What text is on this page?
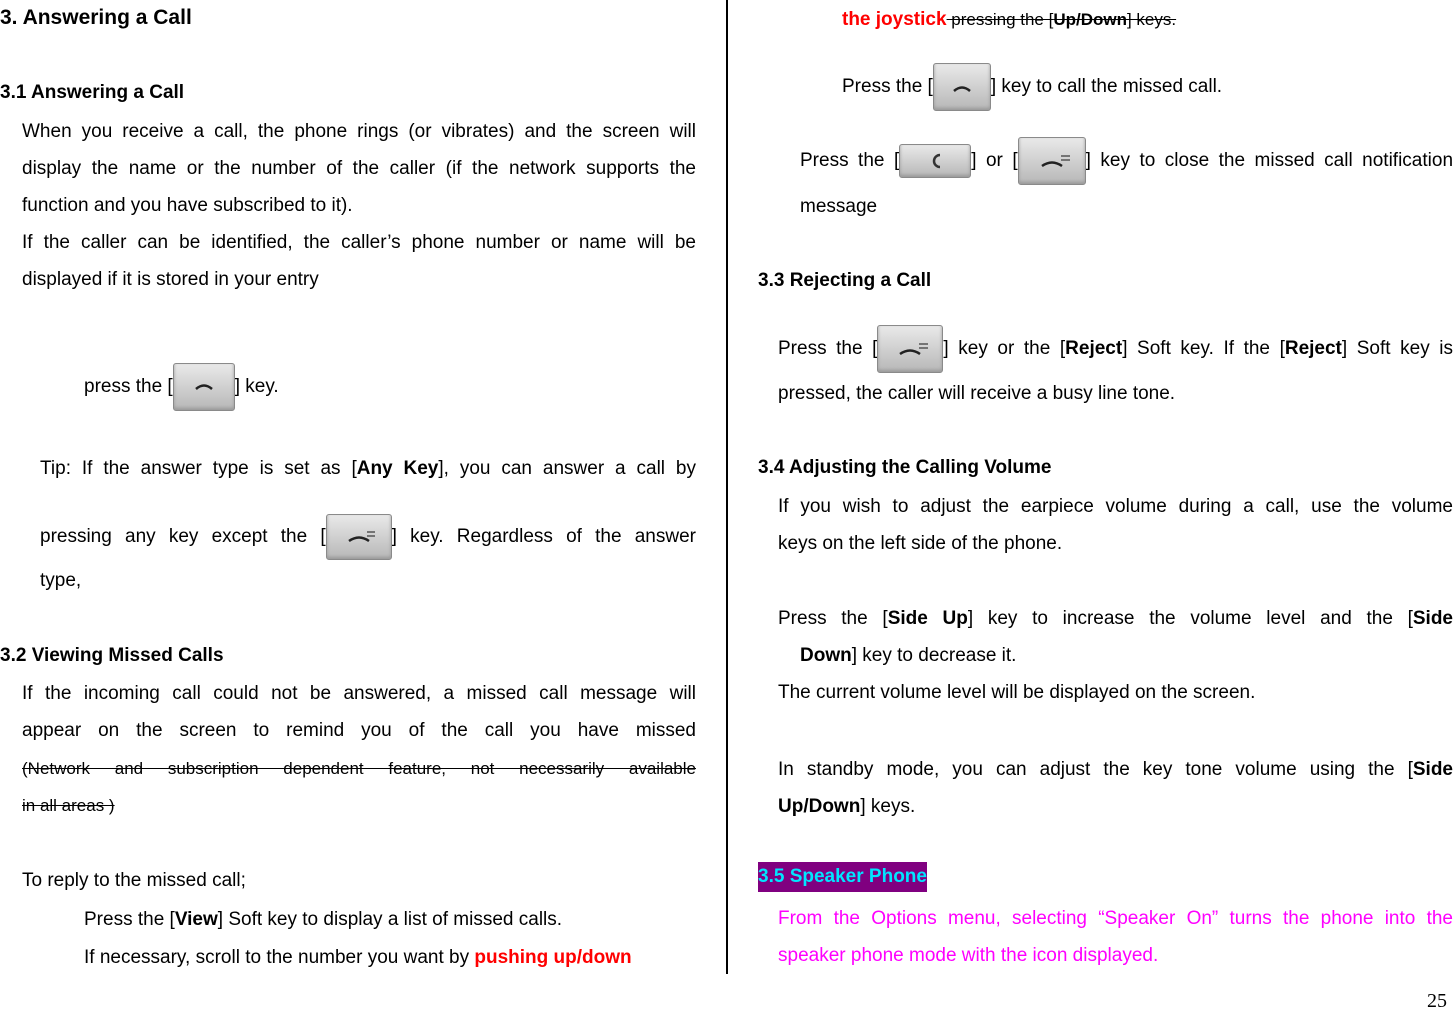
3. Answering a Call
3.1 Answering a Call
When you receive a call, the phone rings (or vibrates) and the screen will
display the name or the number of the caller (if the network supports the
function and you have subscribed to it).
If the caller can be identified, the caller’s phone number or name will be
displayed if it is stored in your entry
press the [	] key.
Tip: If the answer type is set as [Any Key], you can answer a call by
pressing any key except the [	] key. Regardless of the answer
type,
3.2 Viewing Missed Calls
If the incoming call could not be answered, a missed call message will
appear on the screen to remind you of the call you have missed
(Network and subscription dependent feature, not necessarily available
in all areas )
To reply to the missed call;
Press the [View] Soft key to display a list of missed calls.
If necessary, scroll to the number you want by pushing up/down
the joystick pressing the [Up/Down] keys.
Press the [	] key to call the missed call.
Press the [	] or [	] key to close the missed call notification
message
3.3 Rejecting a Call
Press the [	] key or the [Reject] Soft key. If the [Reject] Soft key is
pressed, the caller will receive a busy line tone.
3.4 Adjusting the Calling Volume
If you wish to adjust the earpiece volume during a call, use the volume
keys on the left side of the phone.
Press the [Side Up] key to increase the volume level and the [Side
Down] key to decrease it.
The current volume level will be displayed on the screen.
In standby mode, you can adjust the key tone volume using the [Side
Up/Down] keys.
3.5 Speaker Phone
From the Options menu, selecting “Speaker On” turns the phone into the
speaker phone mode with the icon displayed.
25
